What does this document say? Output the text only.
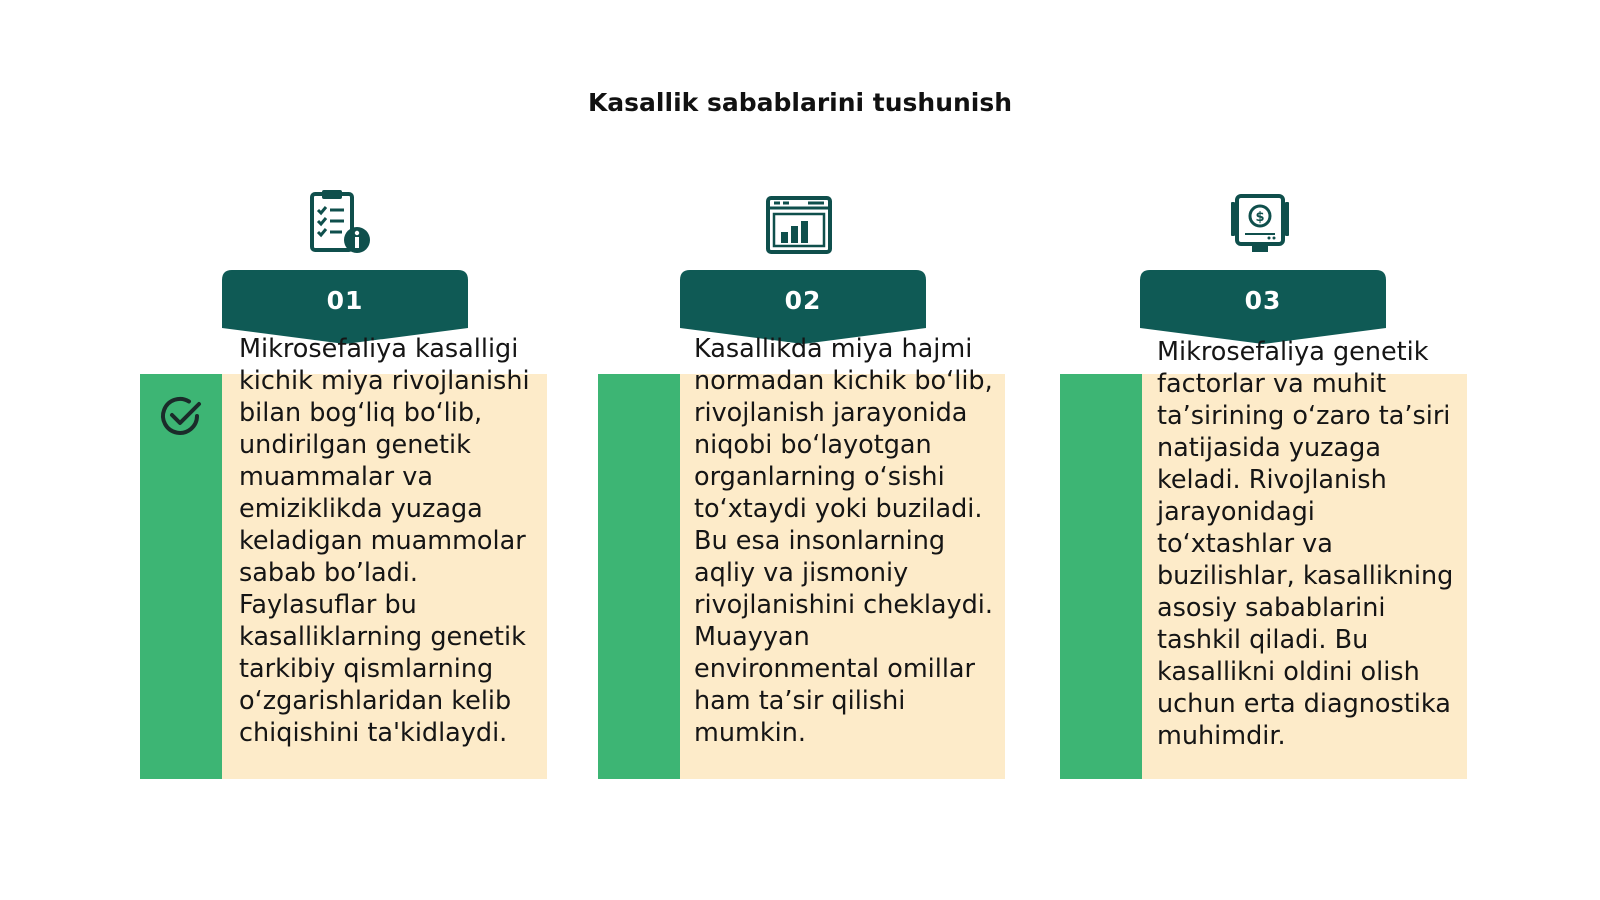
Kasallik sabablarini tushunish
01

Mikrosefaliya kasalligi kichik miya rivojlanishi bilan bog‘liq bo‘lib, undirilgan genetik muammalar va emiziklikda yuzaga keladigan muammolar sabab bo’ladi. Faylasuflar bu kasalliklarning genetik tarkibiy qismlarning o‘zgarishlaridan kelib chiqishini ta'kidlaydi.

02

Kasallikda miya hajmi normadan kichik bo‘lib, rivojlanish jarayonida niqobi bo‘layotgan organlarning o‘sishi to‘xtaydi yoki buziladi. Bu esa insonlarning aqliy va jismoniy rivojlanishini cheklaydi. Muayyan environmental omillar ham ta’sir qilishi mumkin.

$
03

Mikrosefaliya genetik factorlar va muhit ta’sirining o‘zaro ta’siri natijasida yuzaga keladi. Rivojlanish jarayonidagi to‘xtashlar va buzilishlar, kasallikning asosiy sabablarini tashkil qiladi. Bu kasallikni oldini olish uchun erta diagnostika muhimdir.
